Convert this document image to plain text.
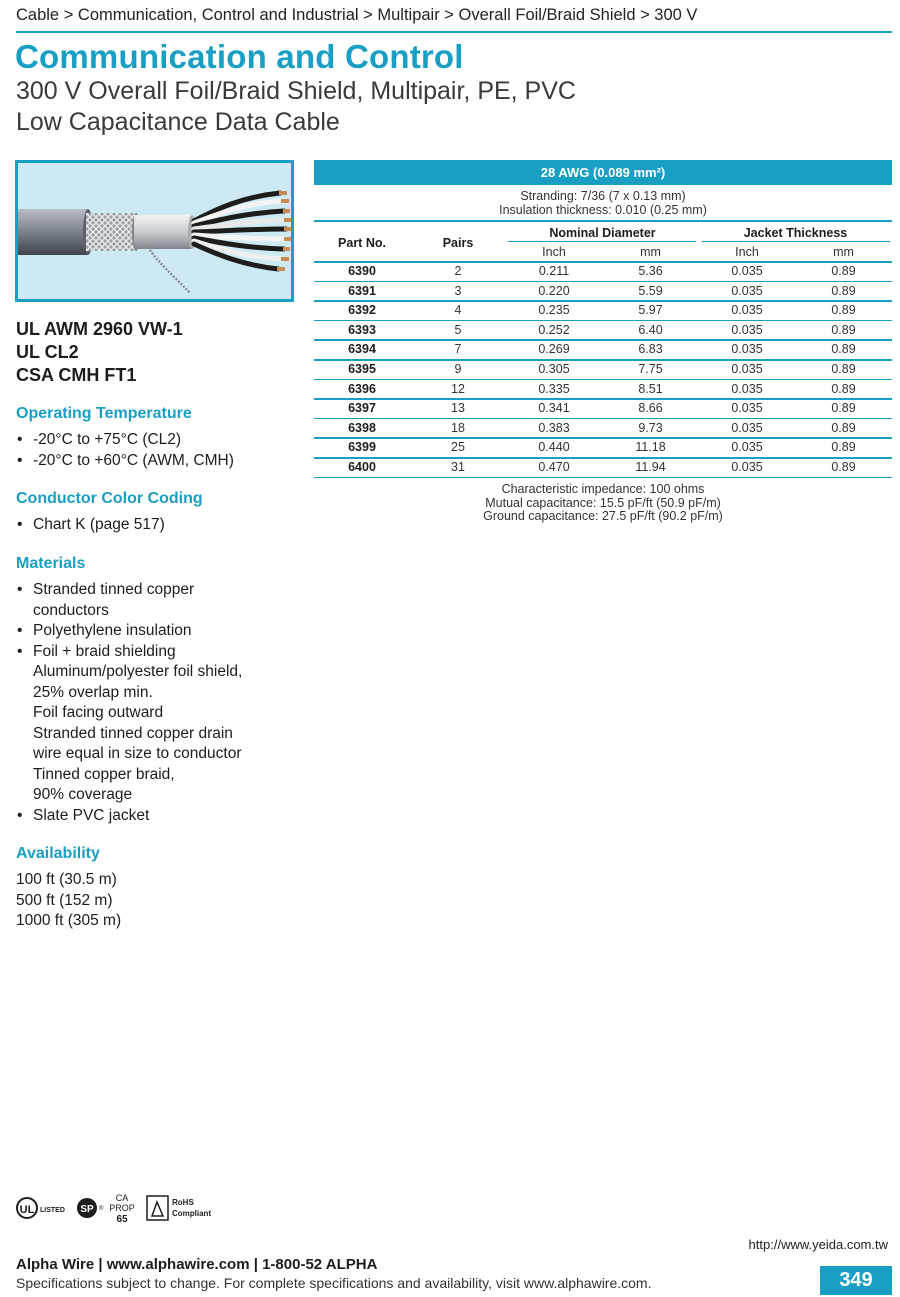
Cable > Communication, Control and Industrial > Multipair > Overall Foil/Braid Shield > 300 V
Communication and Control
300 V Overall Foil/Braid Shield, Multipair, PE, PVC
Low Capacitance Data Cable
UL AWM 2960 VW-1
UL CL2
CSA CMH FT1
Operating Temperature
• -20°C to +75°C (CL2)
• -20°C to +60°C (AWM, CMH)
Conductor Color Coding
• Chart K (page 517)
Materials
• Stranded tinned copper
conductors
• Polyethylene insulation
• Foil + braid shielding
Aluminum/polyester foil shield,
25% overlap min.
Foil facing outward
Stranded tinned copper drain
wire equal in size to conductor
Tinned copper braid,
90% coverage
• Slate PVC jacket
Availability
100 ft (30.5 m)
500 ft (152 m)
1000 ft (305 m)
28 AWG (0.089 mm²)
Stranding: 7/36 (7 x 0.13 mm)
Insulation thickness: 0.010 (0.25 mm)
Part No.	Pairs
Nominal Diameter	Jacket Thickness
Inch	mm	Inch	mm
6390	2	0.211	5.36	0.035	0.89
6391	3	0.220	5.59	0.035	0.89
6392	4	0.235	5.97	0.035	0.89
6393	5	0.252	6.40	0.035	0.89
6394	7	0.269	6.83	0.035	0.89
6395	9	0.305	7.75	0.035	0.89
6396	12	0.335	8.51	0.035	0.89
6397	13	0.341	8.66	0.035	0.89
6398	18	0.383	9.73	0.035	0.89
6399	25	0.440	11.18	0.035	0.89
6400	31	0.470	11.94	0.035	0.89
Characteristic impedance: 100 ohms
Mutual capacitance: 15.5 pF/ft (50.9 pF/m)
Ground capacitance: 27.5 pF/ft (90.2 pF/m)
UL LISTED SP ®
CA
PROP
65
RoHS
Compliant
http://www.yeida.com.tw
Alpha Wire | www.alphawire.com | 1-800-52 ALPHA
Specifications subject to change. For complete specifications and availability, visit www.alphawire.com.	349
